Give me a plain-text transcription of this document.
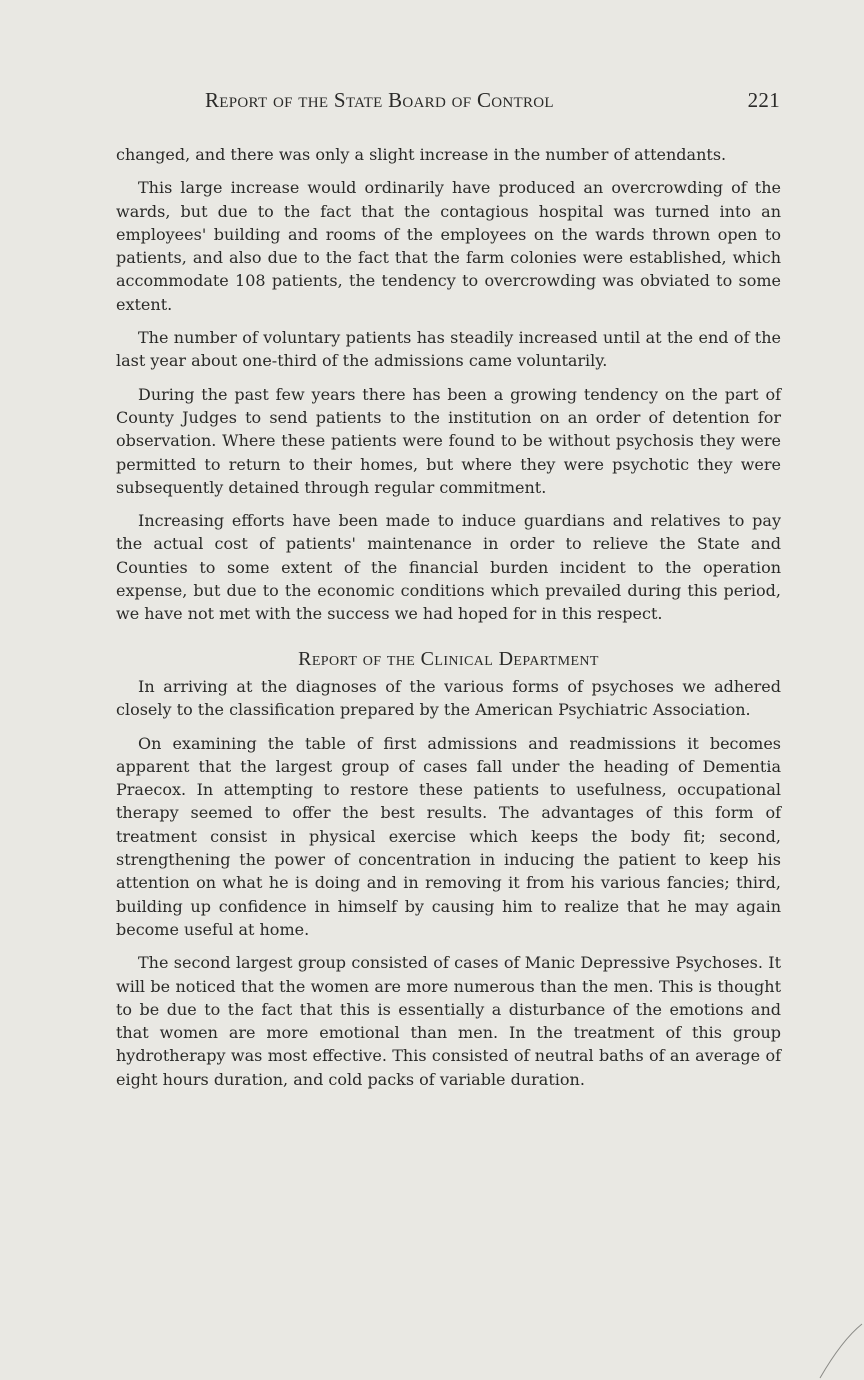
Report of the State Board of Control	221

changed, and there was only a slight increase in the number of attendants.

This large increase would ordinarily have produced an overcrowding of the wards, but due to the fact that the contagious hospital was turned into an employees' building and rooms of the employees on the wards thrown open to patients, and also due to the fact that the farm colonies were established, which accommodate 108 patients, the tendency to overcrowding was obviated to some extent.

The number of voluntary patients has steadily increased until at the end of the last year about one-third of the admissions came voluntarily.

During the past few years there has been a growing tendency on the part of County Judges to send patients to the institution on an order of detention for observation. Where these patients were found to be without psychosis they were permitted to return to their homes, but where they were psychotic they were subsequently detained through regular commitment.

Increasing efforts have been made to induce guardians and relatives to pay the actual cost of patients' maintenance in order to relieve the State and Counties to some extent of the financial burden incident to the operation expense, but due to the economic conditions which prevailed during this period, we have not met with the success we had hoped for in this respect.

Report of the Clinical Department

In arriving at the diagnoses of the various forms of psychoses we adhered closely to the classification prepared by the American Psychiatric Association.

On examining the table of first admissions and readmissions it becomes apparent that the largest group of cases fall under the heading of Dementia Praecox. In attempting to restore these patients to usefulness, occupational therapy seemed to offer the best results. The advantages of this form of treatment consist in physical exercise which keeps the body fit; second, strengthening the power of concentration in inducing the patient to keep his attention on what he is doing and in removing it from his various fancies; third, building up confidence in himself by causing him to realize that he may again become useful at home.

The second largest group consisted of cases of Manic Depressive Psychoses. It will be noticed that the women are more numerous than the men. This is thought to be due to the fact that this is essentially a disturbance of the emotions and that women are more emotional than men. In the treatment of this group hydrotherapy was most effective. This consisted of neutral baths of an average of eight hours duration, and cold packs of variable duration.
